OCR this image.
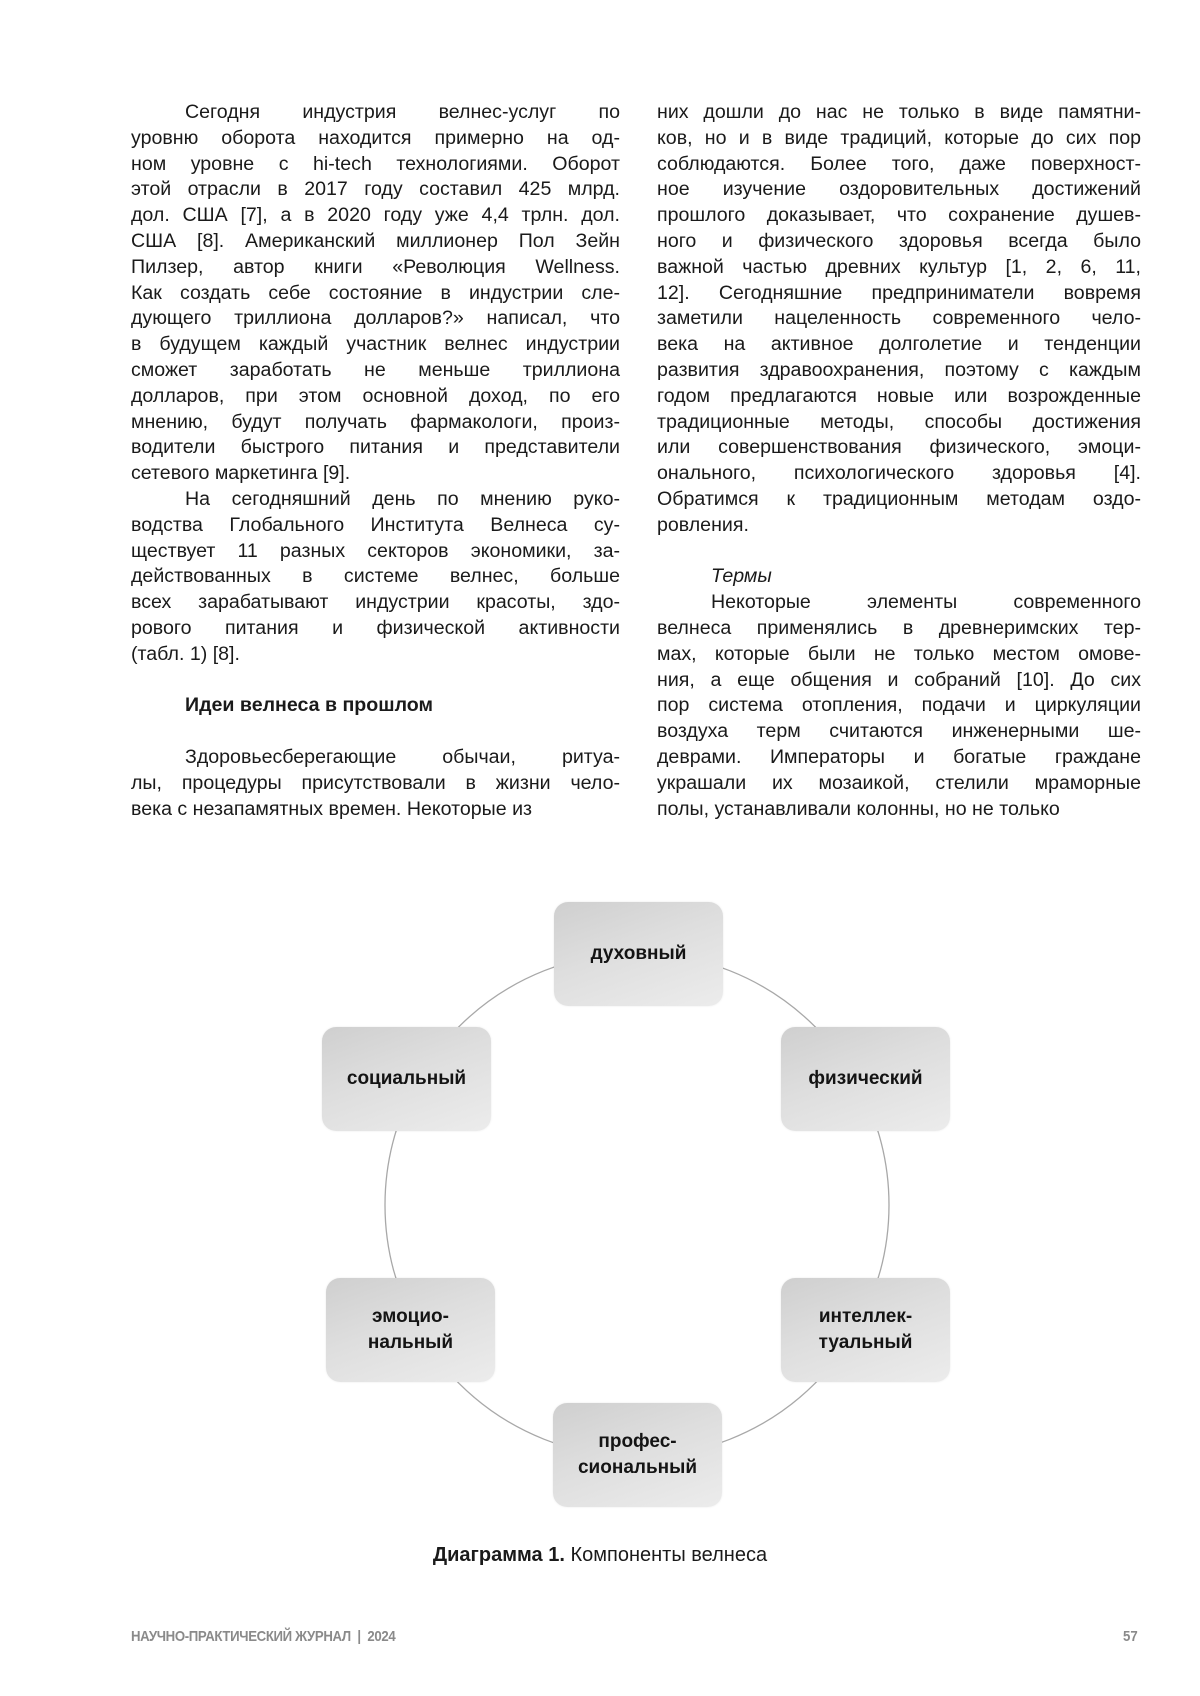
Сегодня индустрия велнес-услуг по
уровню оборота находится примерно на од-
ном уровне с hi-tech технологиями. Оборот
этой отрасли в 2017 году составил 425 млрд.
дол. США [7], а в 2020 году уже 4,4 трлн. дол.
США [8]. Американский миллионер Пол Зейн
Пилзер, автор книги «Революция Wellness.
Как создать себе состояние в индустрии сле-
дующего триллиона долларов?» написал, что
в будущем каждый участник велнес индустрии
сможет заработать не меньше триллиона
долларов, при этом основной доход, по его
мнению, будут получать фармакологи, произ-
водители быстрого питания и представители
сетевого маркетинга [9].

На сегодняшний день по мнению руко-
водства Глобального Института Велнеса су-
ществует 11 разных секторов экономики, за-
действованных в системе велнес, больше
всех зарабатывают индустрии красоты, здо-
рового питания и физической активности
(табл. 1) [8].

Идеи велнеса в прошлом

Здоровьесберегающие обычаи, ритуа-
лы, процедуры присутствовали в жизни чело-
века с незапамятных времен. Некоторые из

них дошли до нас не только в виде памятни-
ков, но и в виде традиций, которые до сих пор
соблюдаются. Более того, даже поверхност-
ное изучение оздоровительных достижений
прошлого доказывает, что сохранение душев-
ного и физического здоровья всегда было
важной частью древних культур [1, 2, 6, 11,
12]. Сегодняшние предприниматели вовремя
заметили нацеленность современного чело-
века на активное долголетие и тенденции
развития здравоохранения, поэтому с каждым
годом предлагаются новые или возрожденные
традиционные методы, способы достижения
или совершенствования физического, эмоци-
онального, психологического здоровья [4].
Обратимся к традиционным методам оздо-
ровления.

Термы

Некоторые элементы современного
велнеса применялись в древнеримских тер-
мах, которые были не только местом омове-
ния, а еще общения и собраний [10]. До сих
пор система отопления, подачи и циркуляции
воздуха терм считаются инженерными ше-
деврами. Императоры и богатые граждане
украшали их мозаикой, стелили мраморные
полы, устанавливали колонны, но не только

духовный
физический
интеллек-
туальный
профес-
сиональный
эмоцио-
нальный
социальный
Диаграмма 1. Компоненты велнеса
НАУЧНО-ПРАКТИЧЕСКИЙ ЖУРНАЛ  |  2024	57
